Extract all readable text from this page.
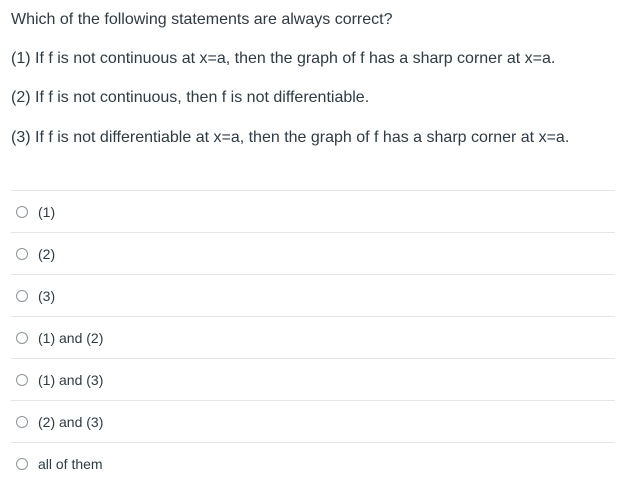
Which of the following statements are always correct?
(1) If f is not continuous at x=a, then the graph of f has a sharp corner at x=a.
(2) If f is not continuous, then f is not differentiable.
(3) If f is not differentiable at x=a, then the graph of f has a sharp corner at x=a.
(1)
(2)
(3)
(1) and (2)
(1) and (3)
(2) and (3)
all of them
